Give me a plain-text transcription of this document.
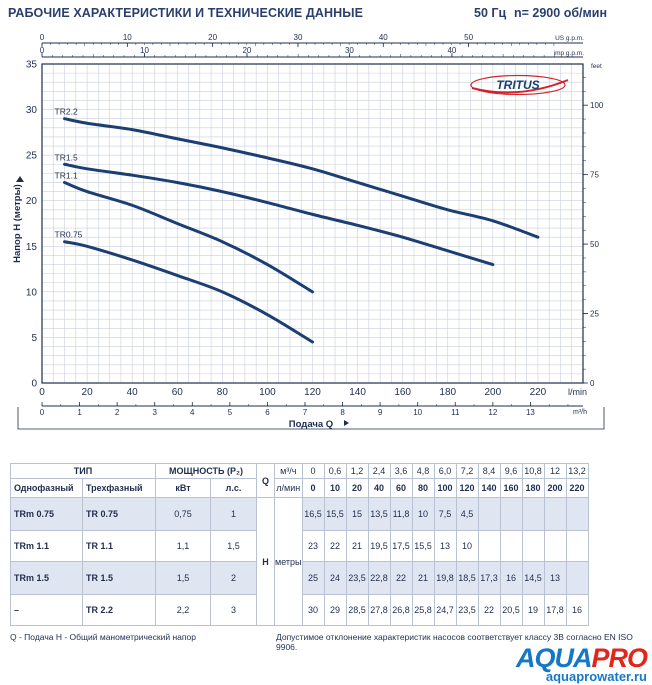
РАБОЧИЕ ХАРАКТЕРИСТИКИ И ТЕХНИЧЕСКИЕ ДАННЫЕ	50 Гц n= 2900 об/мин
0	10	20	30	40	50
0	10	20	30	40
US g.p.m.
imp g.p.m.
0
5
10
15
20
25
30
35
Напор H (метры)
0
25
50
75
100
feet
0	20	40	60	80	100	120	140	160	180	200	220 l/min
0	1	2	3	4	5	6	7	8	9	10	11	12	13	m³/h
Подача Q
TR2.2
TR1.5
TR1.1
TR0.75
TRITUS
ТИП		МОЩНОСТЬ (P₂)		Q	м³/ч	0	0,6	1,2	2,4	3,6	4,8	6,0	7,2	8,4	9,6	10,8	12	13,2
Однофазный	Трехфазный	кВт	л.с.		л/мин	0	10	20	40	60	80	100	120	140	160	180	200	220
TRm 0.75	TR 0.75	0,75	1	H	метры	16,5	15,5	15	13,5	11,8	10	7,5	4,5					
TRm 1.1	TR 1.1	1,1	1,5			23	22	21	19,5	17,5	15,5	13	10					
TRm 1.5	TR 1.5	1,5	2			25	24	23,5	22,8	22	21	19,8	18,5	17,3	16	14,5	13	
–	TR 2.2	2,2	3			30	29	28,5	27,8	26,8	25,8	24,7	23,5	22	20,5	19	17,8	16
Q - Подача H - Общий манометрический напор	Допустимое отклонение характеристик насосов соответствует классу 3B согласно EN ISO 9906.	AQUAPRO
aquaprowater.ru
